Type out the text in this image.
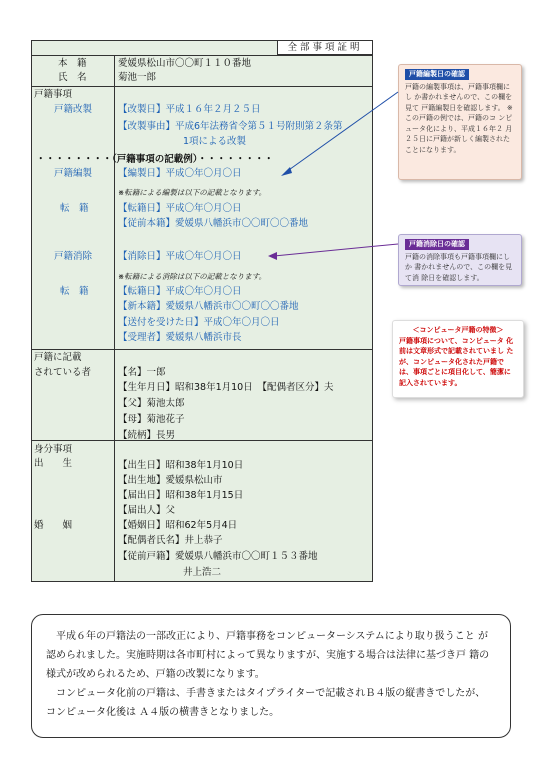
全部事項証明
本　籍	愛媛県松山市〇〇町１１０番地
氏　名	菊池一郎
戸籍事項
戸籍改製	【改製日】平成１６年２月２５日
【改製事由】平成6年法務省令第５１号附則第２条第
1項による改製
・・・・・・・・（戸籍事項の記載例）・・・・・・・・
戸籍編製	【編製日】平成〇年〇月〇日
※転籍による編製は以下の記載となります。
転　籍	【転籍日】平成〇年〇月〇日
【従前本籍】愛媛県八幡浜市〇〇町〇〇番地
戸籍消除	【消除日】平成〇年〇月〇日
※転籍による消除は以下の記載となります。
転　籍	【転籍日】平成〇年〇月〇日
【新本籍】愛媛県八幡浜市〇〇町〇〇番地
【送付を受けた日】平成〇年〇月〇日
【受理者】愛媛県八幡浜市長
戸籍に記載
されている者	【名】一郎
【生年月日】昭和38年1月10日　【配偶者区分】夫
【父】菊池太郎
【母】菊池花子
【続柄】長男
身分事項
出　　生	【出生日】昭和38年1月10日
【出生地】愛媛県松山市
【届出日】昭和38年1月15日
【届出人】父
婚　　姻	【婚姻日】昭和62年5月4日
【配偶者氏名】井上恭子
【従前戸籍】愛媛県八幡浜市〇〇町１５３番地
井上浩二
戸籍編製日の確認
戸籍の編製事項は、戸籍事項欄にし か書かれませんので、この欄を見て 戸籍編製日を確認します。 ※　この戸籍の例では、戸籍のコ ンピュータ化により、平成１６年２ 月２５日に戸籍が新しく編製された ことになります。
戸籍消除日の確認
戸籍の消除事項も戸籍事項欄にしか 書かれませんので、この欄を見て消 除日を確認します。
＜コンピュータ戸籍の特徴＞
戸籍事項について、コンピュータ 化前は文章形式で記載されていまし たが、コンピュータ化された戸籍で は、事項ごとに項目化して、簡潔に 記入されています。
平成６年の戸籍法の一部改正により、戸籍事務をコンピューターシステムにより取り扱うこと が認められました。実施時期は各市町村によって異なりますが、実施する場合は法律に基づき戸 籍の様式が改められるため、戸籍の改製になります。
コンピュータ化前の戸籍は、手書きまたはタイプライターで記載されＢ４版の縦書きでしたが、 コンピュータ化後は Ａ４版の横書きとなりました。
